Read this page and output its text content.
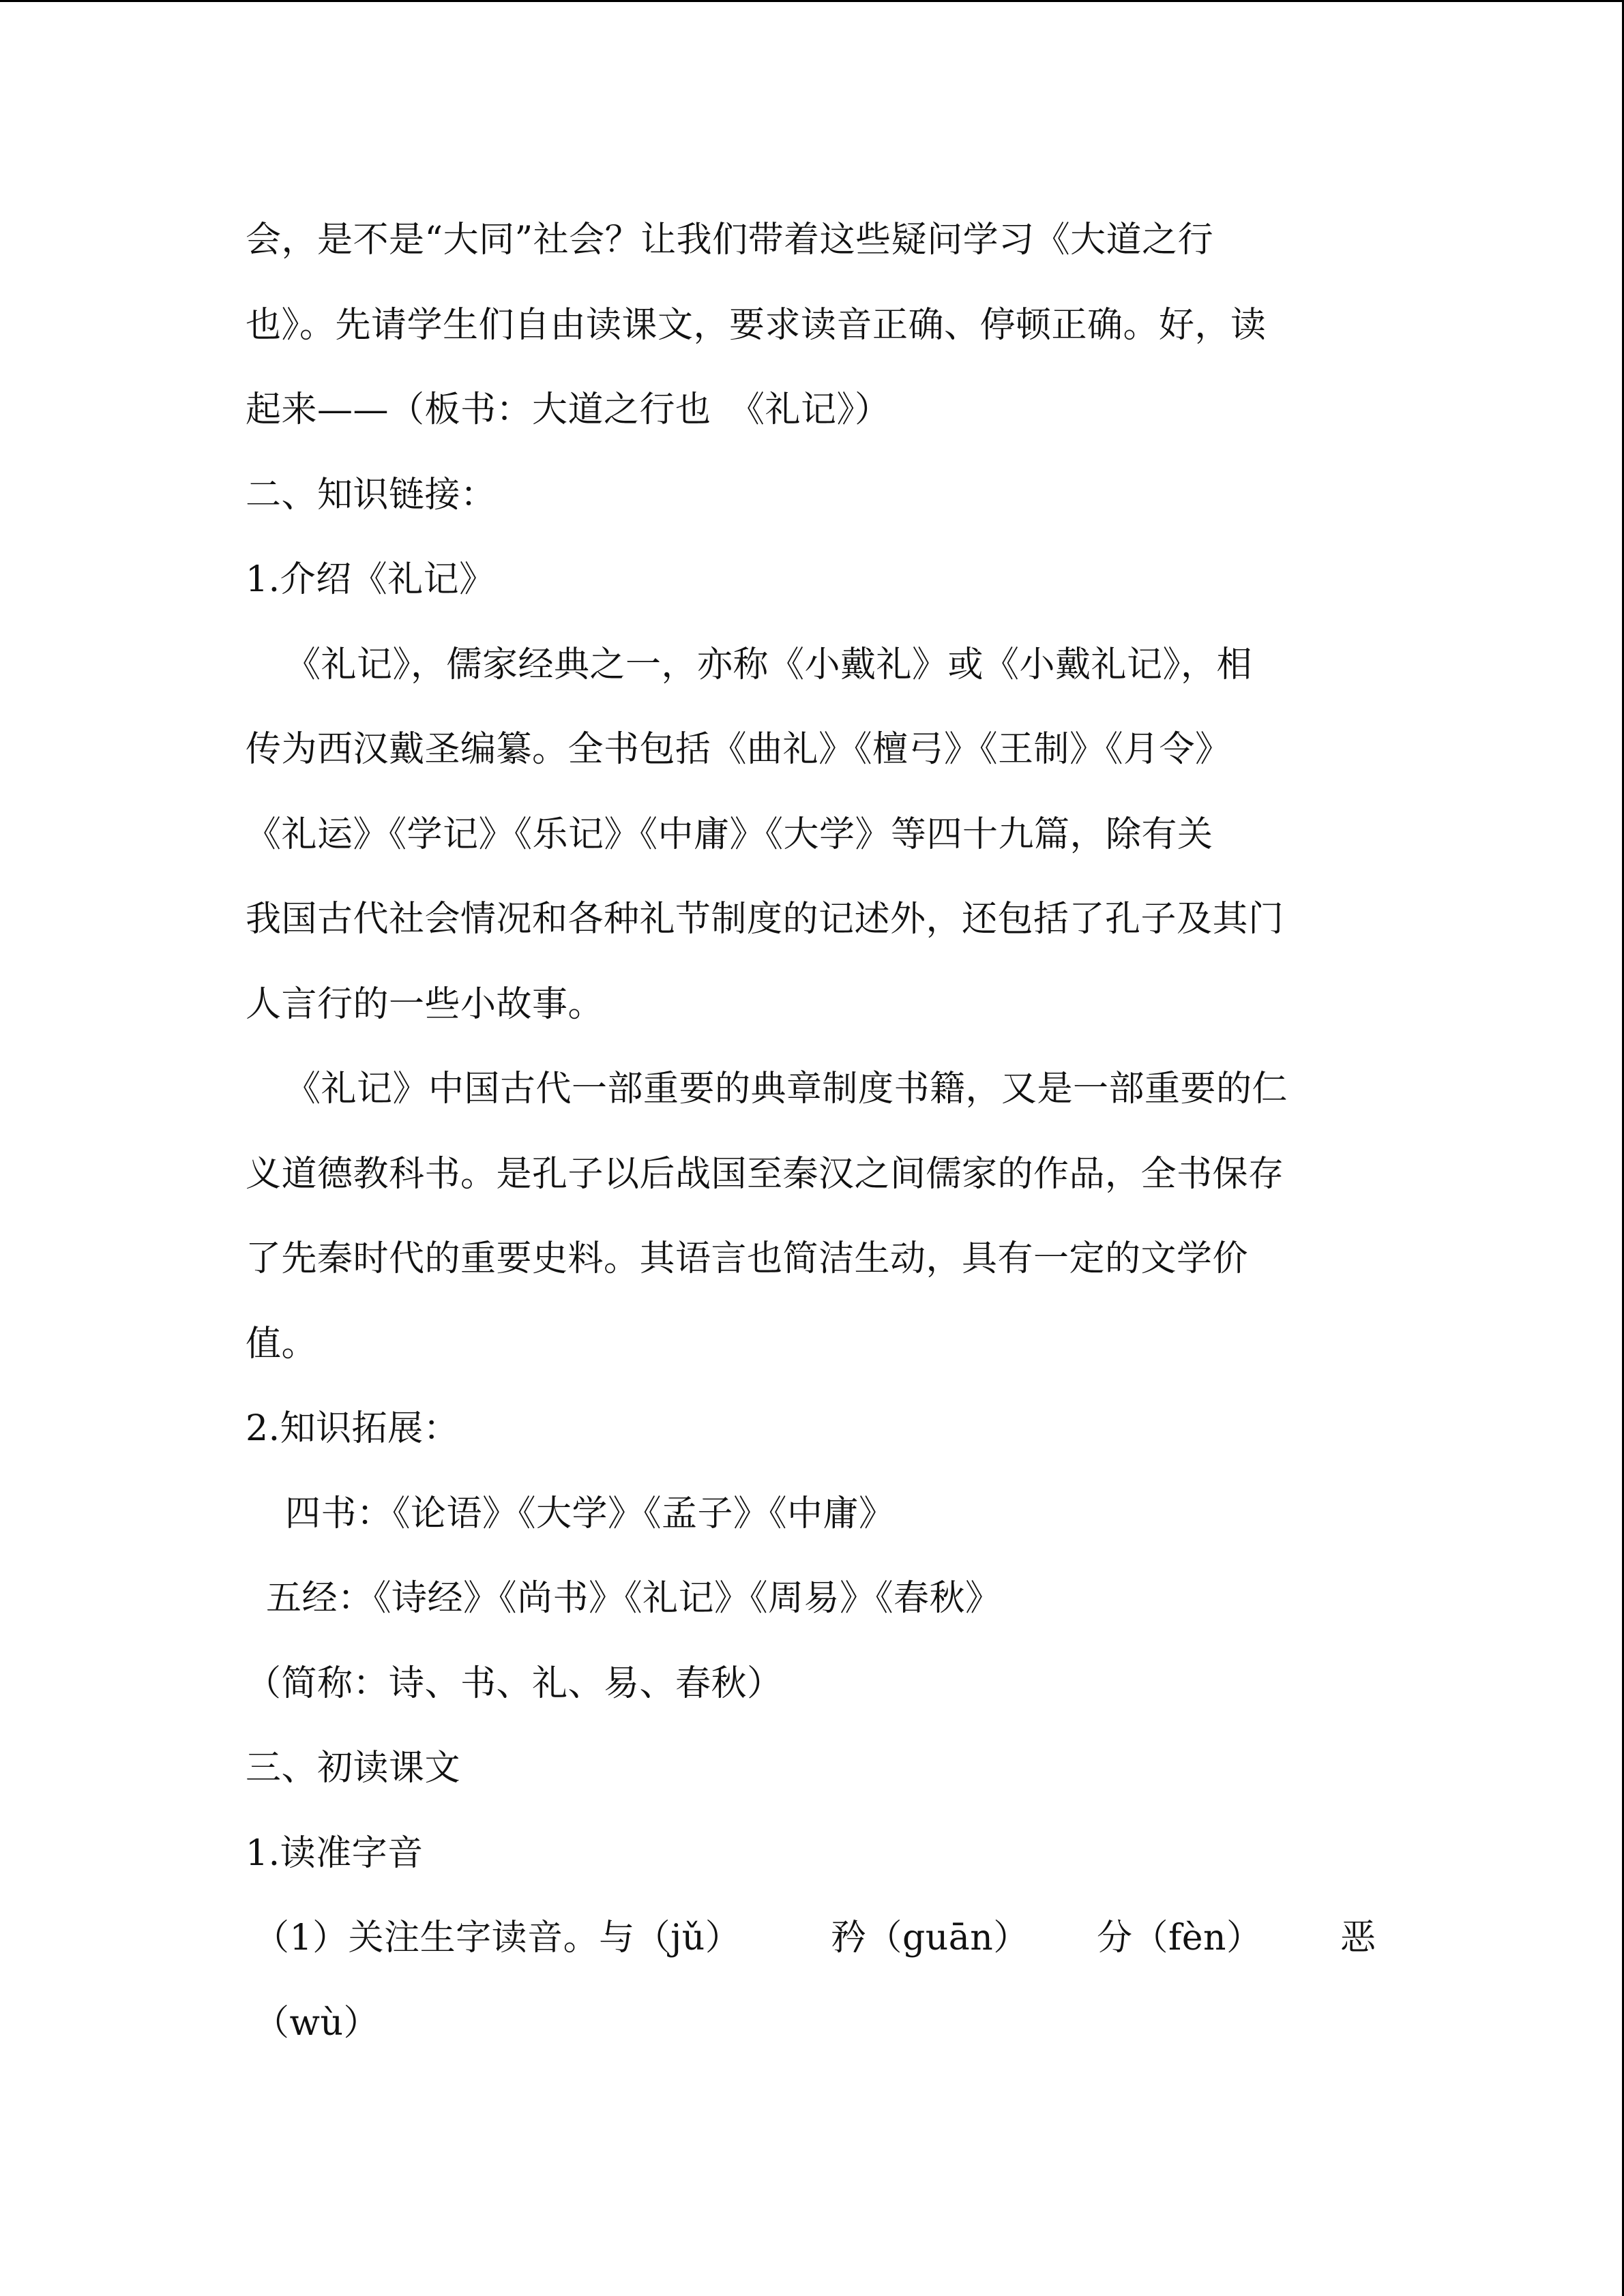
会，是不是“大同”社会？让我们带着这些疑问学习《大道之行
也》。先请学生们自由读课文，要求读音正确、停顿正确。好，读
起来——（板书：大道之行也　《礼记》）
二、知识链接：
1.介绍《礼记》
《礼记》，儒家经典之一，亦称《小戴礼》或《小戴礼记》，相
传为西汉戴圣编纂。全书包括《曲礼》《檀弓》《王制》《月令》
《礼运》《学记》《乐记》《中庸》《大学》等四十九篇，除有关
我国古代社会情况和各种礼节制度的记述外，还包括了孔子及其门
人言行的一些小故事。
《礼记》中国古代一部重要的典章制度书籍，又是一部重要的仁
义道德教科书。是孔子以后战国至秦汉之间儒家的作品，全书保存
了先秦时代的重要史料。其语言也简洁生动，具有一定的文学价
值。
2.知识拓展：
四书：《论语》《大学》《孟子》《中庸》
五经：《诗经》《尚书》《礼记》《周易》《春秋》
（简称：诗、书、礼、易、春秋）
三、初读课文
1.读准字音
（1）关注生字读音。与（jǔ）	矜（guān） 分（fèn） 恶
（wù）
